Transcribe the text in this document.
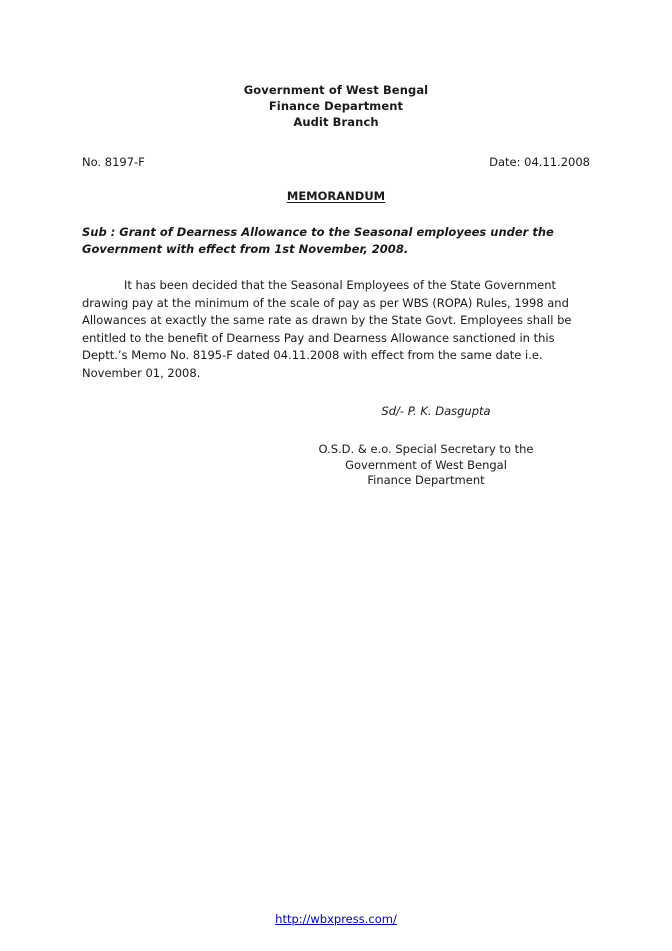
Government of West Bengal
Finance Department
Audit Branch
No. 8197-F	Date: 04.11.2008
MEMORANDUM
Sub : Grant of Dearness Allowance to the Seasonal employees under the Government with effect from 1st November, 2008.
It has been decided that the Seasonal Employees of the State Government drawing pay at the minimum of the scale of pay as per WBS (ROPA) Rules, 1998 and Allowances at exactly the same rate as drawn by the State Govt. Employees shall be entitled to the benefit of Dearness Pay and Dearness Allowance sanctioned in this Deptt.’s Memo No. 8195-F dated 04.11.2008 with effect from the same date i.e. November 01, 2008.
Sd/- P. K. Dasgupta
O.S.D. & e.o. Special Secretary to the
Government of West Bengal
Finance Department
http://wbxpress.com/
